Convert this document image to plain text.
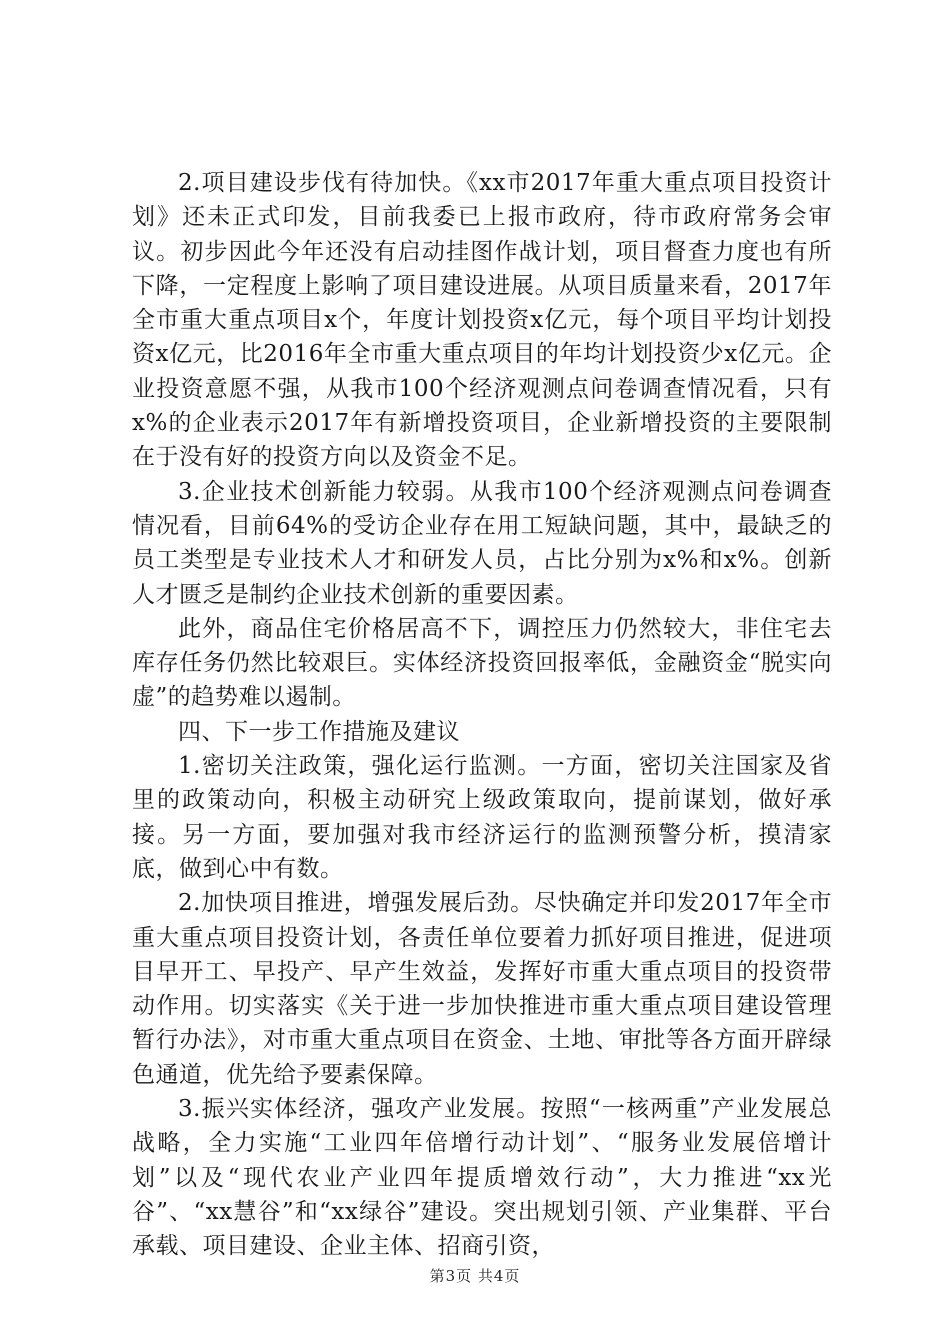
2.项目建设步伐有待加快。《xx市2017年重大重点项目投资计划》还未正式印发，目前我委已上报市政府，待市政府常务会审议。初步因此今年还没有启动挂图作战计划，项目督查力度也有所下降，一定程度上影响了项目建设进展。从项目质量来看，2017年全市重大重点项目x个，年度计划投资x亿元，每个项目平均计划投资x亿元，比2016年全市重大重点项目的年均计划投资少x亿元。企业投资意愿不强，从我市100个经济观测点问卷调查情况看，只有x%的企业表示2017年有新增投资项目，企业新增投资的主要限制在于没有好的投资方向以及资金不足。

3.企业技术创新能力较弱。从我市100个经济观测点问卷调查情况看，目前64%的受访企业存在用工短缺问题，其中，最缺乏的员工类型是专业技术人才和研发人员，占比分别为x%和x%。创新人才匮乏是制约企业技术创新的重要因素。

此外，商品住宅价格居高不下，调控压力仍然较大，非住宅去库存任务仍然比较艰巨。实体经济投资回报率低，金融资金“脱实向虚”的趋势难以遏制。

四、下一步工作措施及建议

1.密切关注政策，强化运行监测。一方面，密切关注国家及省里的政策动向，积极主动研究上级政策取向，提前谋划，做好承接。另一方面，要加强对我市经济运行的监测预警分析，摸清家底，做到心中有数。

2.加快项目推进，增强发展后劲。尽快确定并印发2017年全市重大重点项目投资计划，各责任单位要着力抓好项目推进，促进项目早开工、早投产、早产生效益，发挥好市重大重点项目的投资带动作用。切实落实《关于进一步加快推进市重大重点项目建设管理暂行办法》，对市重大重点项目在资金、土地、审批等各方面开辟绿色通道，优先给予要素保障。

3.振兴实体经济，强攻产业发展。按照“一核两重”产业发展总战略，全力实施“工业四年倍增行动计划”、“服务业发展倍增计划”以及“现代农业产业四年提质增效行动”，大力推进“xx光谷”、“xx慧谷”和“xx绿谷”建设。突出规划引领、产业集群、平台承载、项目建设、企业主体、招商引资，

第3页 共4页
